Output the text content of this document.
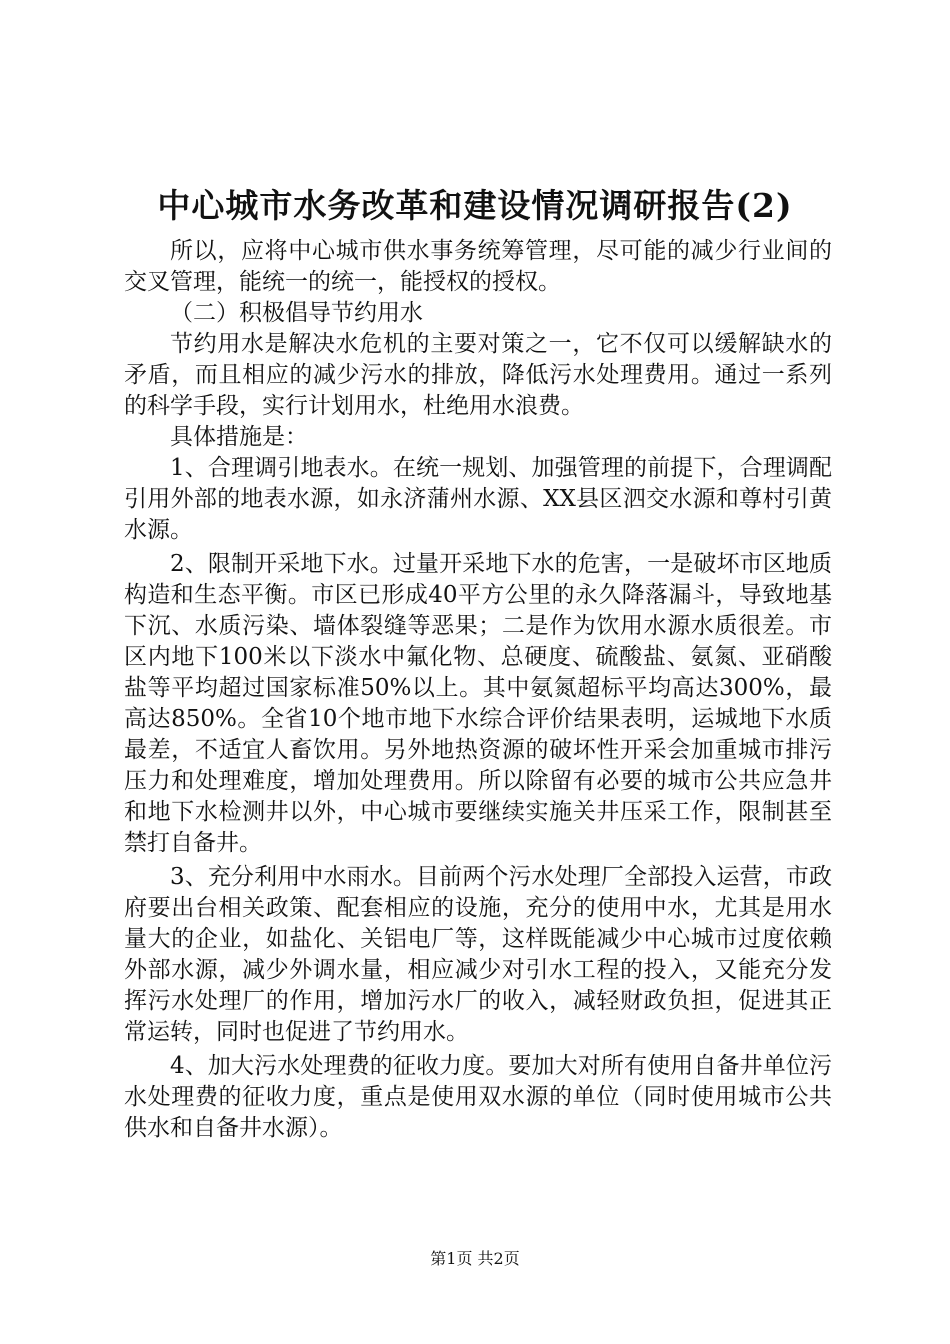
中心城市水务改革和建设情况调研报告(2)

所以，应将中心城市供水事务统筹管理，尽可能的减少行业间的交叉管理，能统一的统一，能授权的授权。

（二）积极倡导节约用水

节约用水是解决水危机的主要对策之一，它不仅可以缓解缺水的矛盾，而且相应的减少污水的排放，降低污水处理费用。通过一系列的科学手段，实行计划用水，杜绝用水浪费。

具体措施是：

1、合理调引地表水。在统一规划、加强管理的前提下，合理调配引用外部的地表水源，如永济蒲州水源、XX县区泗交水源和尊村引黄水源。

2、限制开采地下水。过量开采地下水的危害，一是破坏市区地质构造和生态平衡。市区已形成40平方公里的永久降落漏斗，导致地基下沉、水质污染、墙体裂缝等恶果；二是作为饮用水源水质很差。市区内地下100米以下淡水中氟化物、总硬度、硫酸盐、氨氮、亚硝酸盐等平均超过国家标准50%以上。其中氨氮超标平均高达300%，最高达850%。全省10个地市地下水综合评价结果表明，运城地下水质最差，不适宜人畜饮用。另外地热资源的破坏性开采会加重城市排污压力和处理难度，增加处理费用。所以除留有必要的城市公共应急井和地下水检测井以外，中心城市要继续实施关井压采工作，限制甚至禁打自备井。

3、充分利用中水雨水。目前两个污水处理厂全部投入运营，市政府要出台相关政策、配套相应的设施，充分的使用中水，尤其是用水量大的企业，如盐化、关铝电厂等，这样既能减少中心城市过度依赖外部水源，减少外调水量，相应减少对引水工程的投入，又能充分发挥污水处理厂的作用，增加污水厂的收入，减轻财政负担，促进其正常运转，同时也促进了节约用水。

4、加大污水处理费的征收力度。要加大对所有使用自备井单位污水处理费的征收力度，重点是使用双水源的单位（同时使用城市公共供水和自备井水源）。

第1页 共2页
